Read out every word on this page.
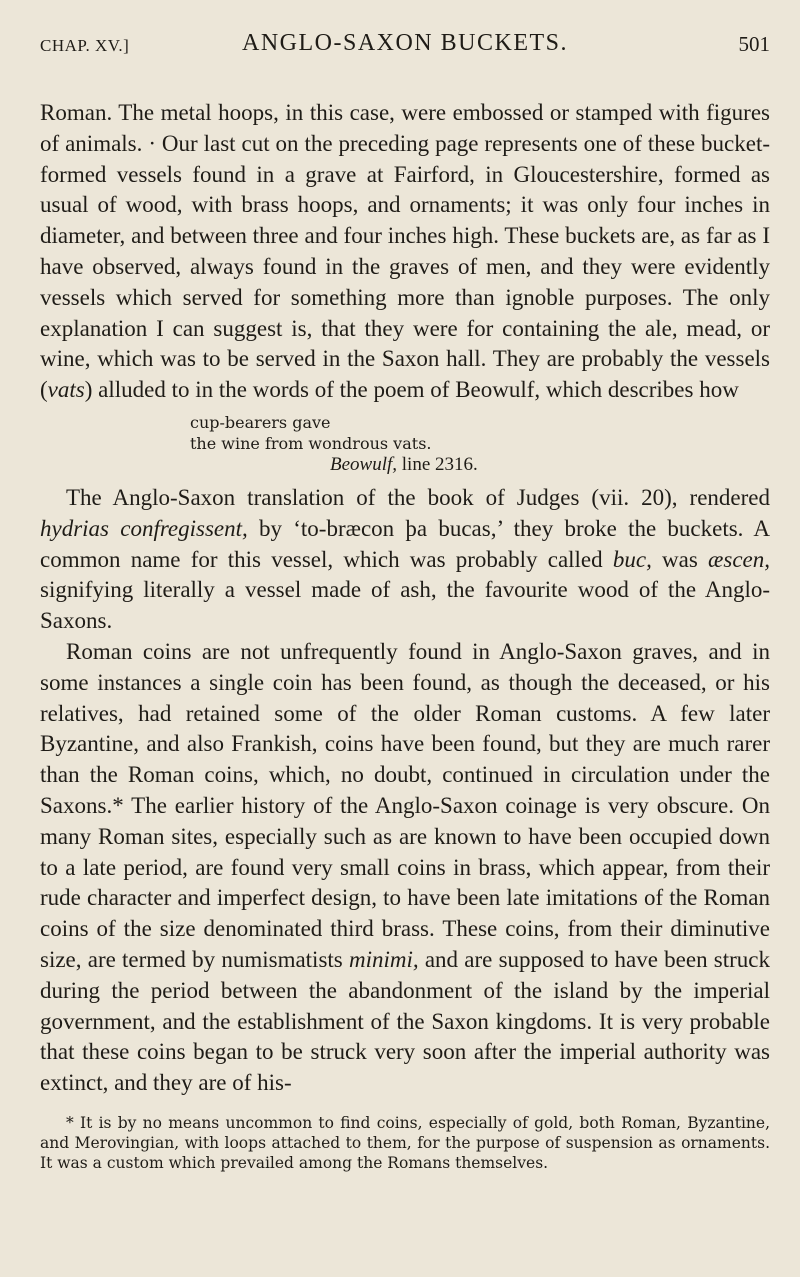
CHAP. XV.]	ANGLO-SAXON BUCKETS.	501

Roman. The metal hoops, in this case, were embossed or stamped with figures of animals. · Our last cut on the preceding page represents one of these bucket-formed vessels found in a grave at Fairford, in Gloucestershire, formed as usual of wood, with brass hoops, and ornaments; it was only four inches in diameter, and between three and four inches high. These buckets are, as far as I have observed, always found in the graves of men, and they were evidently vessels which served for something more than ignoble purposes. The only explanation I can suggest is, that they were for containing the ale, mead, or wine, which was to be served in the Saxon hall. They are probably the vessels (vats) alluded to in the words of the poem of Beowulf, which describes how

cup-bearers gave
the wine from wondrous vats.
Beowulf, line 2316.

The Anglo-Saxon translation of the book of Judges (vii. 20), rendered hydrias confregissent, by ‘to-bræcon þa bucas,’ they broke the buckets. A common name for this vessel, which was probably called buc, was æscen, signifying literally a vessel made of ash, the favourite wood of the Anglo-Saxons.

Roman coins are not unfrequently found in Anglo-Saxon graves, and in some instances a single coin has been found, as though the deceased, or his relatives, had retained some of the older Roman customs. A few later Byzantine, and also Frankish, coins have been found, but they are much rarer than the Roman coins, which, no doubt, continued in circulation under the Saxons.* The earlier history of the Anglo-Saxon coinage is very obscure. On many Roman sites, especially such as are known to have been occupied down to a late period, are found very small coins in brass, which appear, from their rude character and imperfect design, to have been late imitations of the Roman coins of the size denominated third brass. These coins, from their diminutive size, are termed by numismatists minimi, and are supposed to have been struck during the period between the abandonment of the island by the imperial government, and the establishment of the Saxon kingdoms. It is very probable that these coins began to be struck very soon after the imperial authority was extinct, and they are of his-

* It is by no means uncommon to find coins, especially of gold, both Roman, Byzantine, and Merovingian, with loops attached to them, for the purpose of suspension as ornaments. It was a custom which prevailed among the Romans themselves.
